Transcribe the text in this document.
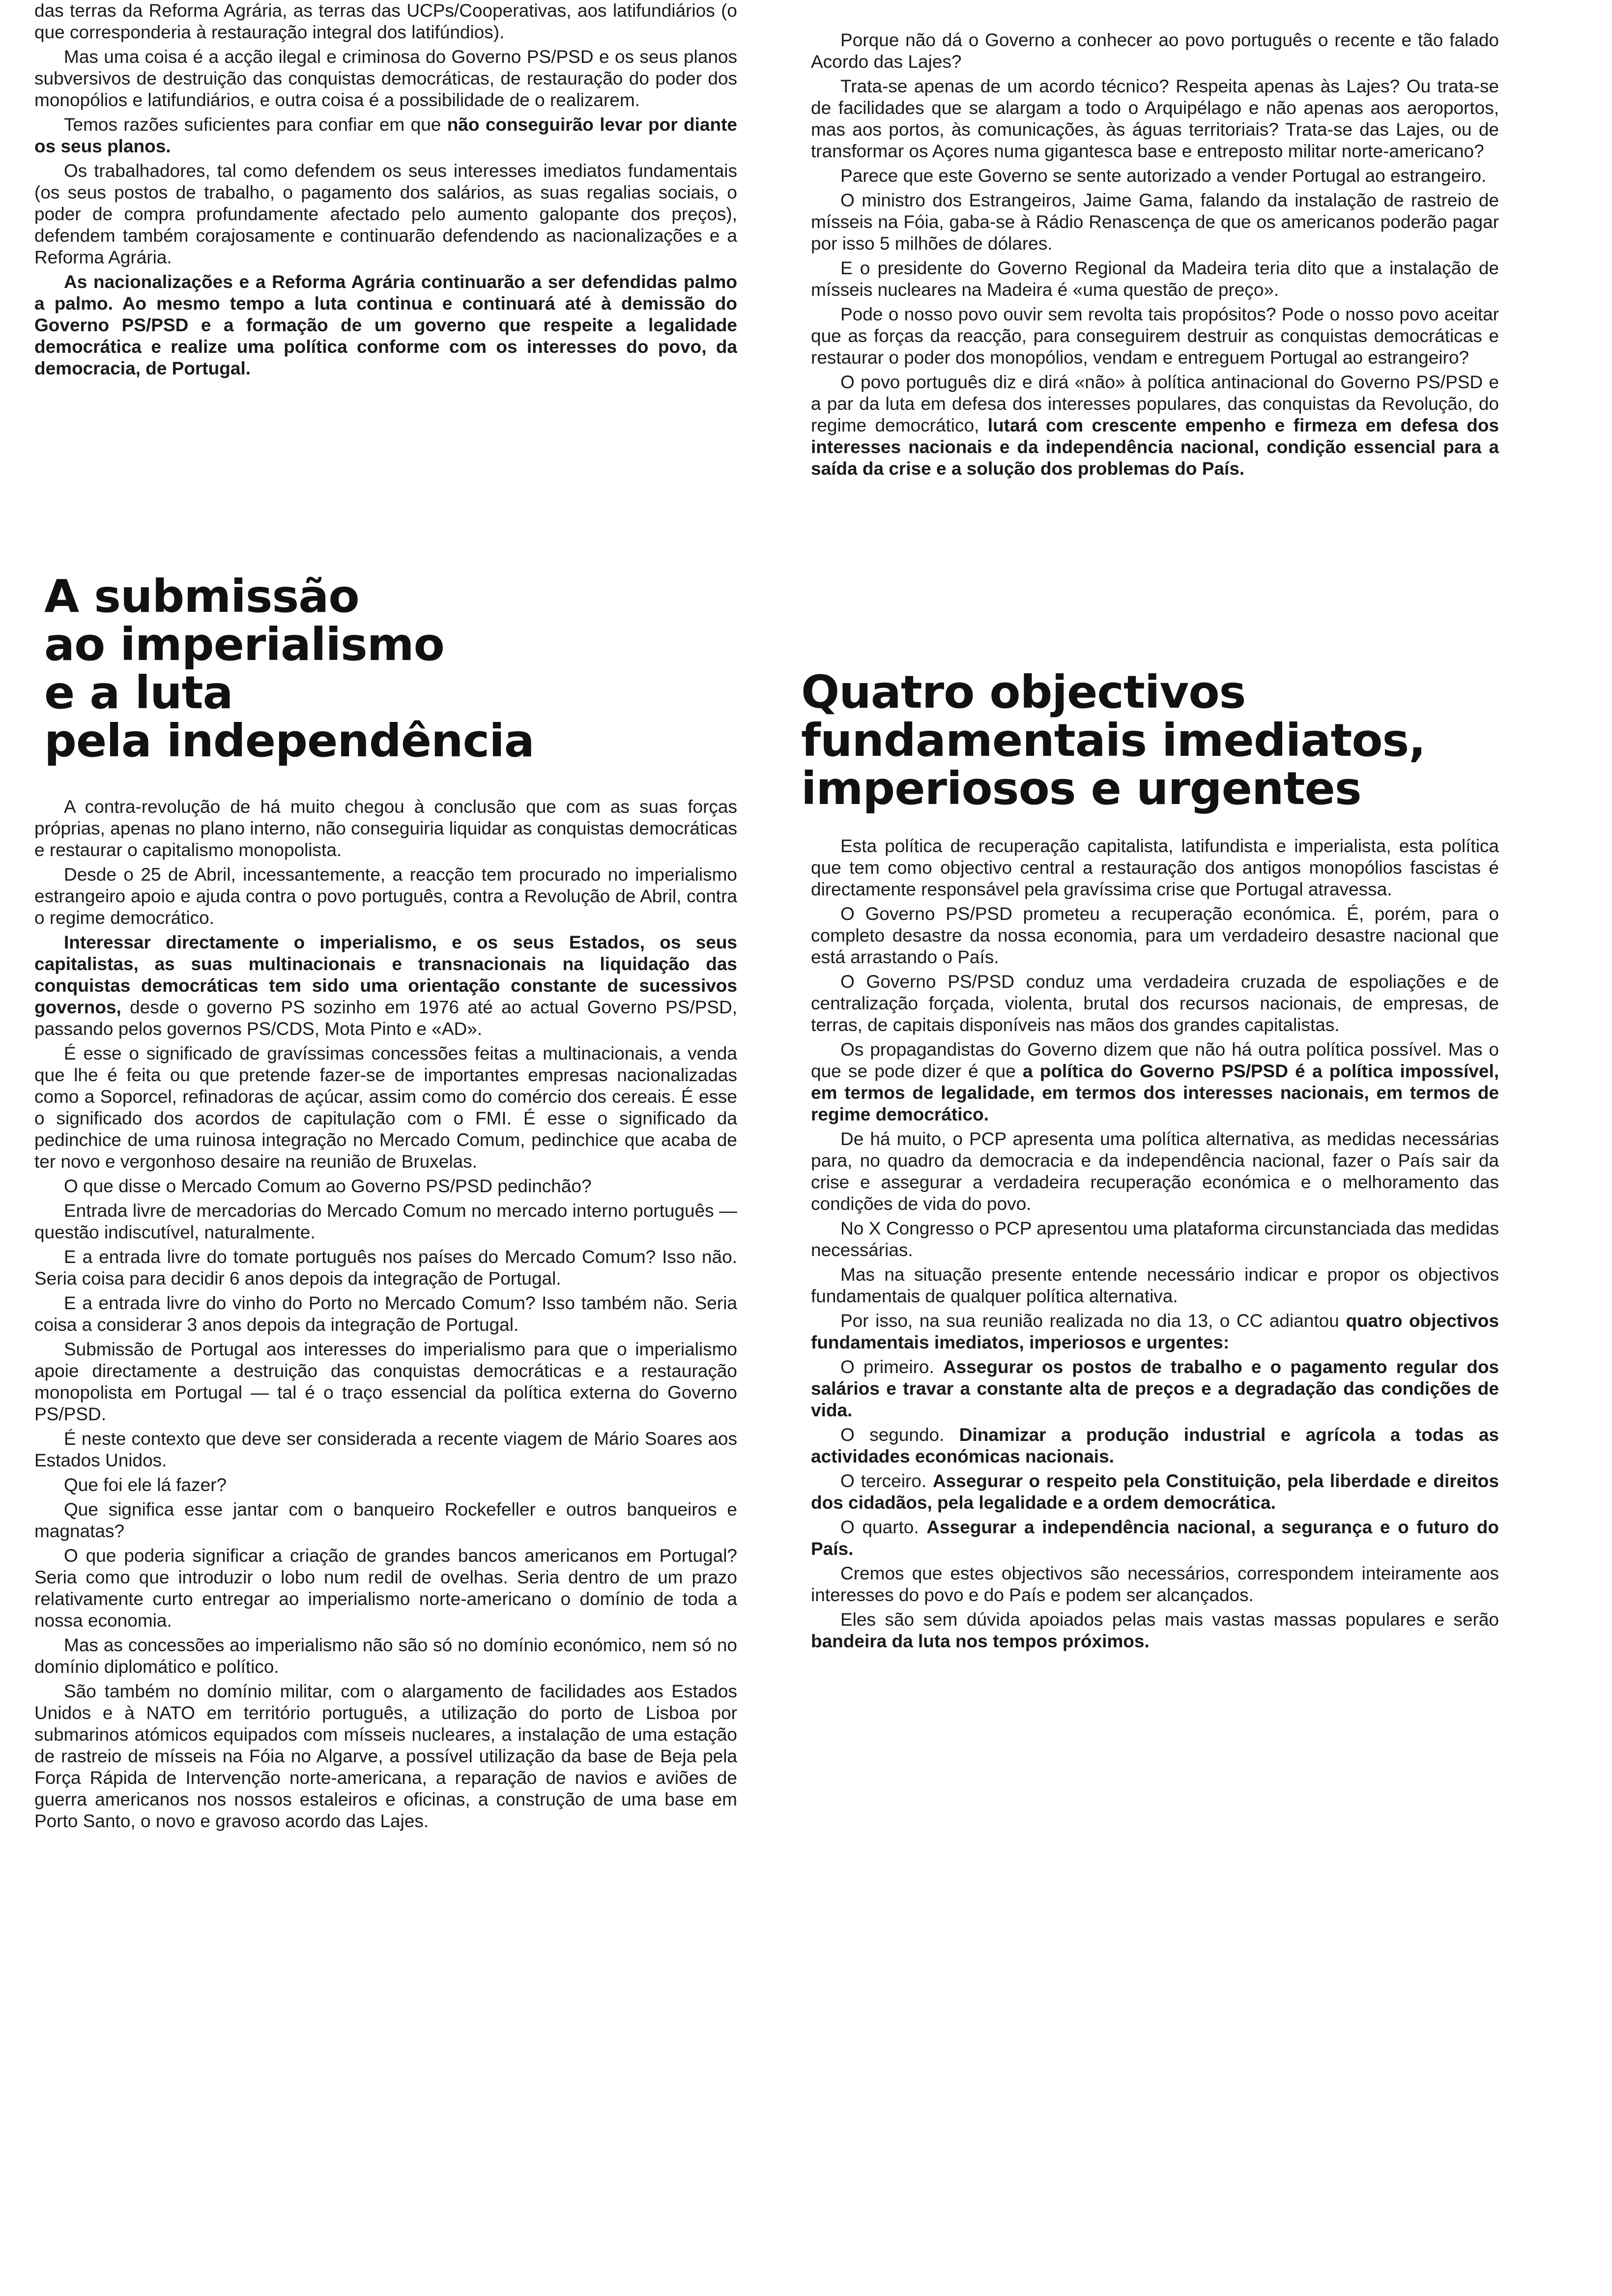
das terras da Reforma Agrária, as terras das UCPs/Cooperativas, aos latifundiários (o que corresponderia à restauração integral dos latifúndios).

Mas uma coisa é a acção ilegal e criminosa do Governo PS/PSD e os seus planos subversivos de destruição das conquistas democráticas, de restauração do poder dos monopólios e latifundiários, e outra coisa é a possibilidade de o realizarem.

Temos razões suficientes para confiar em que não conseguirão levar por diante os seus planos.

Os trabalhadores, tal como defendem os seus interesses imediatos fundamentais (os seus postos de trabalho, o pagamento dos salários, as suas regalias sociais, o poder de compra profundamente afectado pelo aumento galopante dos preços), defendem também corajosamente e continuarão defendendo as nacionalizações e a Reforma Agrária.

As nacionalizações e a Reforma Agrária continuarão a ser defendidas palmo a palmo. Ao mesmo tempo a luta continua e continuará até à demissão do Governo PS/PSD e a formação de um governo que respeite a legalidade democrática e realize uma política conforme com os interesses do povo, da democracia, de Portugal.

A submissão
ao imperialismo
e a luta
pela independência

A contra-revolução de há muito chegou à conclusão que com as suas forças próprias, apenas no plano interno, não conseguiria liquidar as conquistas democráticas e restaurar o capitalismo monopolista.

Desde o 25 de Abril, incessantemente, a reacção tem procurado no imperialismo estrangeiro apoio e ajuda contra o povo português, contra a Revolução de Abril, contra o regime democrático.

Interessar directamente o imperialismo, e os seus Estados, os seus capitalistas, as suas multinacionais e transnacionais na liquidação das conquistas democráticas tem sido uma orientação constante de sucessivos governos, desde o governo PS sozinho em 1976 até ao actual Governo PS/PSD, passando pelos governos PS/CDS, Mota Pinto e «AD».

É esse o significado de gravíssimas concessões feitas a multinacionais, a venda que lhe é feita ou que pretende fazer-se de importantes empresas nacionalizadas como a Soporcel, refinadoras de açúcar, assim como do comércio dos cereais. É esse o significado dos acordos de capitulação com o FMI. É esse o significado da pedinchice de uma ruinosa integração no Mercado Comum, pedinchice que acaba de ter novo e vergonhoso desaire na reunião de Bruxelas.

O que disse o Mercado Comum ao Governo PS/PSD pedinchão?

Entrada livre de mercadorias do Mercado Comum no mercado interno português — questão indiscutível, naturalmente.

E a entrada livre do tomate português nos países do Mercado Comum? Isso não. Seria coisa para decidir 6 anos depois da integração de Portugal.

E a entrada livre do vinho do Porto no Mercado Comum? Isso também não. Seria coisa a considerar 3 anos depois da integração de Portugal.

Submissão de Portugal aos interesses do imperialismo para que o imperialismo apoie directamente a destruição das conquistas democráticas e a restauração monopolista em Portugal — tal é o traço essencial da política externa do Governo PS/PSD.

É neste contexto que deve ser considerada a recente viagem de Mário Soares aos Estados Unidos.

Que foi ele lá fazer?

Que significa esse jantar com o banqueiro Rockefeller e outros banqueiros e magnatas?

O que poderia significar a criação de grandes bancos americanos em Portugal? Seria como que introduzir o lobo num redil de ovelhas. Seria dentro de um prazo relativamente curto entregar ao imperialismo norte-americano o domínio de toda a nossa economia.

Mas as concessões ao imperialismo não são só no domínio económico, nem só no domínio diplomático e político.

São também no domínio militar, com o alargamento de facilidades aos Estados Unidos e à NATO em território português, a utilização do porto de Lisboa por submarinos atómicos equipados com mísseis nucleares, a instalação de uma estação de rastreio de mísseis na Fóia no Algarve, a possível utilização da base de Beja pela Força Rápida de Intervenção norte-americana, a reparação de navios e aviões de guerra americanos nos nossos estaleiros e oficinas, a construção de uma base em Porto Santo, o novo e gravoso acordo das Lajes.

Porque não dá o Governo a conhecer ao povo português o recente e tão falado Acordo das Lajes?

Trata-se apenas de um acordo técnico? Respeita apenas às Lajes? Ou trata-se de facilidades que se alargam a todo o Arquipélago e não apenas aos aeroportos, mas aos portos, às comunicações, às águas territoriais? Trata-se das Lajes, ou de transformar os Açores numa gigantesca base e entreposto militar norte-americano?

Parece que este Governo se sente autorizado a vender Portugal ao estrangeiro.

O ministro dos Estrangeiros, Jaime Gama, falando da instalação de rastreio de mísseis na Fóia, gaba-se à Rádio Renascença de que os americanos poderão pagar por isso 5 milhões de dólares.

E o presidente do Governo Regional da Madeira teria dito que a instalação de mísseis nucleares na Madeira é «uma questão de preço».

Pode o nosso povo ouvir sem revolta tais propósitos? Pode o nosso povo aceitar que as forças da reacção, para conseguirem destruir as conquistas democráticas e restaurar o poder dos monopólios, vendam e entreguem Portugal ao estrangeiro?

O povo português diz e dirá «não» à política antinacional do Governo PS/PSD e a par da luta em defesa dos interesses populares, das conquistas da Revolução, do regime democrático, lutará com crescente empenho e firmeza em defesa dos interesses nacionais e da independência nacional, condição essencial para a saída da crise e a solução dos problemas do País.

Quatro objectivos
fundamentais imediatos,
imperiosos e urgentes

Esta política de recuperação capitalista, latifundista e imperialista, esta política que tem como objectivo central a restauração dos antigos monopólios fascistas é directamente responsável pela gravíssima crise que Portugal atravessa.

O Governo PS/PSD prometeu a recuperação económica. É, porém, para o completo desastre da nossa economia, para um verdadeiro desastre nacional que está arrastando o País.

O Governo PS/PSD conduz uma verdadeira cruzada de espoliações e de centralização forçada, violenta, brutal dos recursos nacionais, de empresas, de terras, de capitais disponíveis nas mãos dos grandes capitalistas.

Os propagandistas do Governo dizem que não há outra política possível. Mas o que se pode dizer é que a política do Governo PS/PSD é a política impossível, em termos de legalidade, em termos dos interesses nacionais, em termos de regime democrático.

De há muito, o PCP apresenta uma política alternativa, as medidas necessárias para, no quadro da democracia e da independência nacional, fazer o País sair da crise e assegurar a verdadeira recuperação económica e o melhoramento das condições de vida do povo.

No X Congresso o PCP apresentou uma plataforma circunstanciada das medidas necessárias.

Mas na situação presente entende necessário indicar e propor os objectivos fundamentais de qualquer política alternativa.

Por isso, na sua reunião realizada no dia 13, o CC adiantou quatro objectivos fundamentais imediatos, imperiosos e urgentes:

O primeiro. Assegurar os postos de trabalho e o pagamento regular dos salários e travar a constante alta de preços e a degradação das condições de vida.

O segundo. Dinamizar a produção industrial e agrícola a todas as actividades económicas nacionais.

O terceiro. Assegurar o respeito pela Constituição, pela liberdade e direitos dos cidadãos, pela legalidade e a ordem democrática.

O quarto. Assegurar a independência nacional, a segurança e o futuro do País.

Cremos que estes objectivos são necessários, correspondem inteiramente aos interesses do povo e do País e podem ser alcançados.

Eles são sem dúvida apoiados pelas mais vastas massas populares e serão bandeira da luta nos tempos próximos.
